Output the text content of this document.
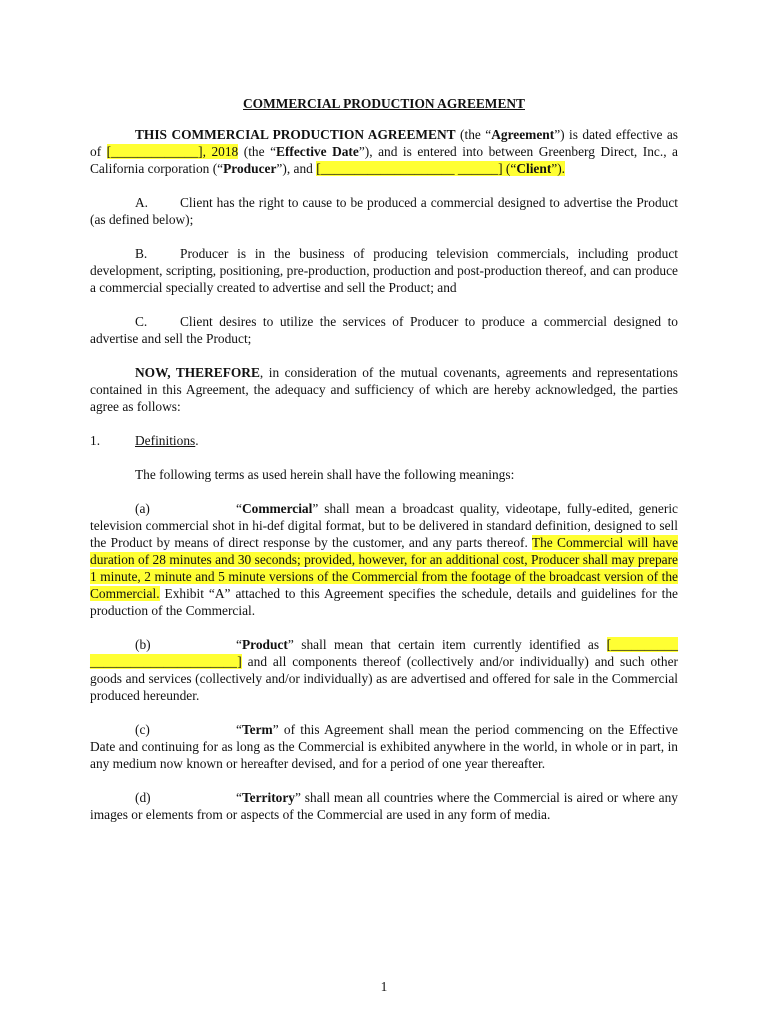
COMMERCIAL PRODUCTION AGREEMENT

THIS COMMERCIAL PRODUCTION AGREEMENT (the “Agreement”) is dated effective as of [_____________], 2018 (the “Effective Date”), and is entered into between Greenberg Direct, Inc., a California corporation (“Producer”), and [____________________ ______] (“Client”).

A. Client has the right to cause to be produced a commercial designed to advertise the Product (as defined below);

B. Producer is in the business of producing television commercials, including product development, scripting, positioning, pre-production, production and post-production thereof, and can produce a commercial specially created to advertise and sell the Product; and

C. Client desires to utilize the services of Producer to produce a commercial designed to advertise and sell the Product;

NOW, THEREFORE, in consideration of the mutual covenants, agreements and representations contained in this Agreement, the adequacy and sufficiency of which are hereby acknowledged, the parties agree as follows:

1.	Definitions.

The following terms as used herein shall have the following meanings:

(a)	“Commercial” shall mean a broadcast quality, videotape, fully-edited, generic television commercial shot in hi-def digital format, but to be delivered in standard definition, designed to sell the Product by means of direct response by the customer, and any parts thereof. The Commercial will have duration of 28 minutes and 30 seconds; provided, however, for an additional cost, Producer shall may prepare 1 minute, 2 minute and 5 minute versions of the Commercial from the footage of the broadcast version of the Commercial. Exhibit “A” attached to this Agreement specifies the schedule, details and guidelines for the production of the Commercial.

(b)	“Product” shall mean that certain item currently identified as [__________ ______________________] and all components thereof (collectively and/or individually) and such other goods and services (collectively and/or individually) as are advertised and offered for sale in the Commercial produced hereunder.

(c)	“Term” of this Agreement shall mean the period commencing on the Effective Date and continuing for as long as the Commercial is exhibited anywhere in the world, in whole or in part, in any medium now known or hereafter devised, and for a period of one year thereafter.

(d)	“Territory” shall mean all countries where the Commercial is aired or where any images or elements from or aspects of the Commercial are used in any form of media.

1
